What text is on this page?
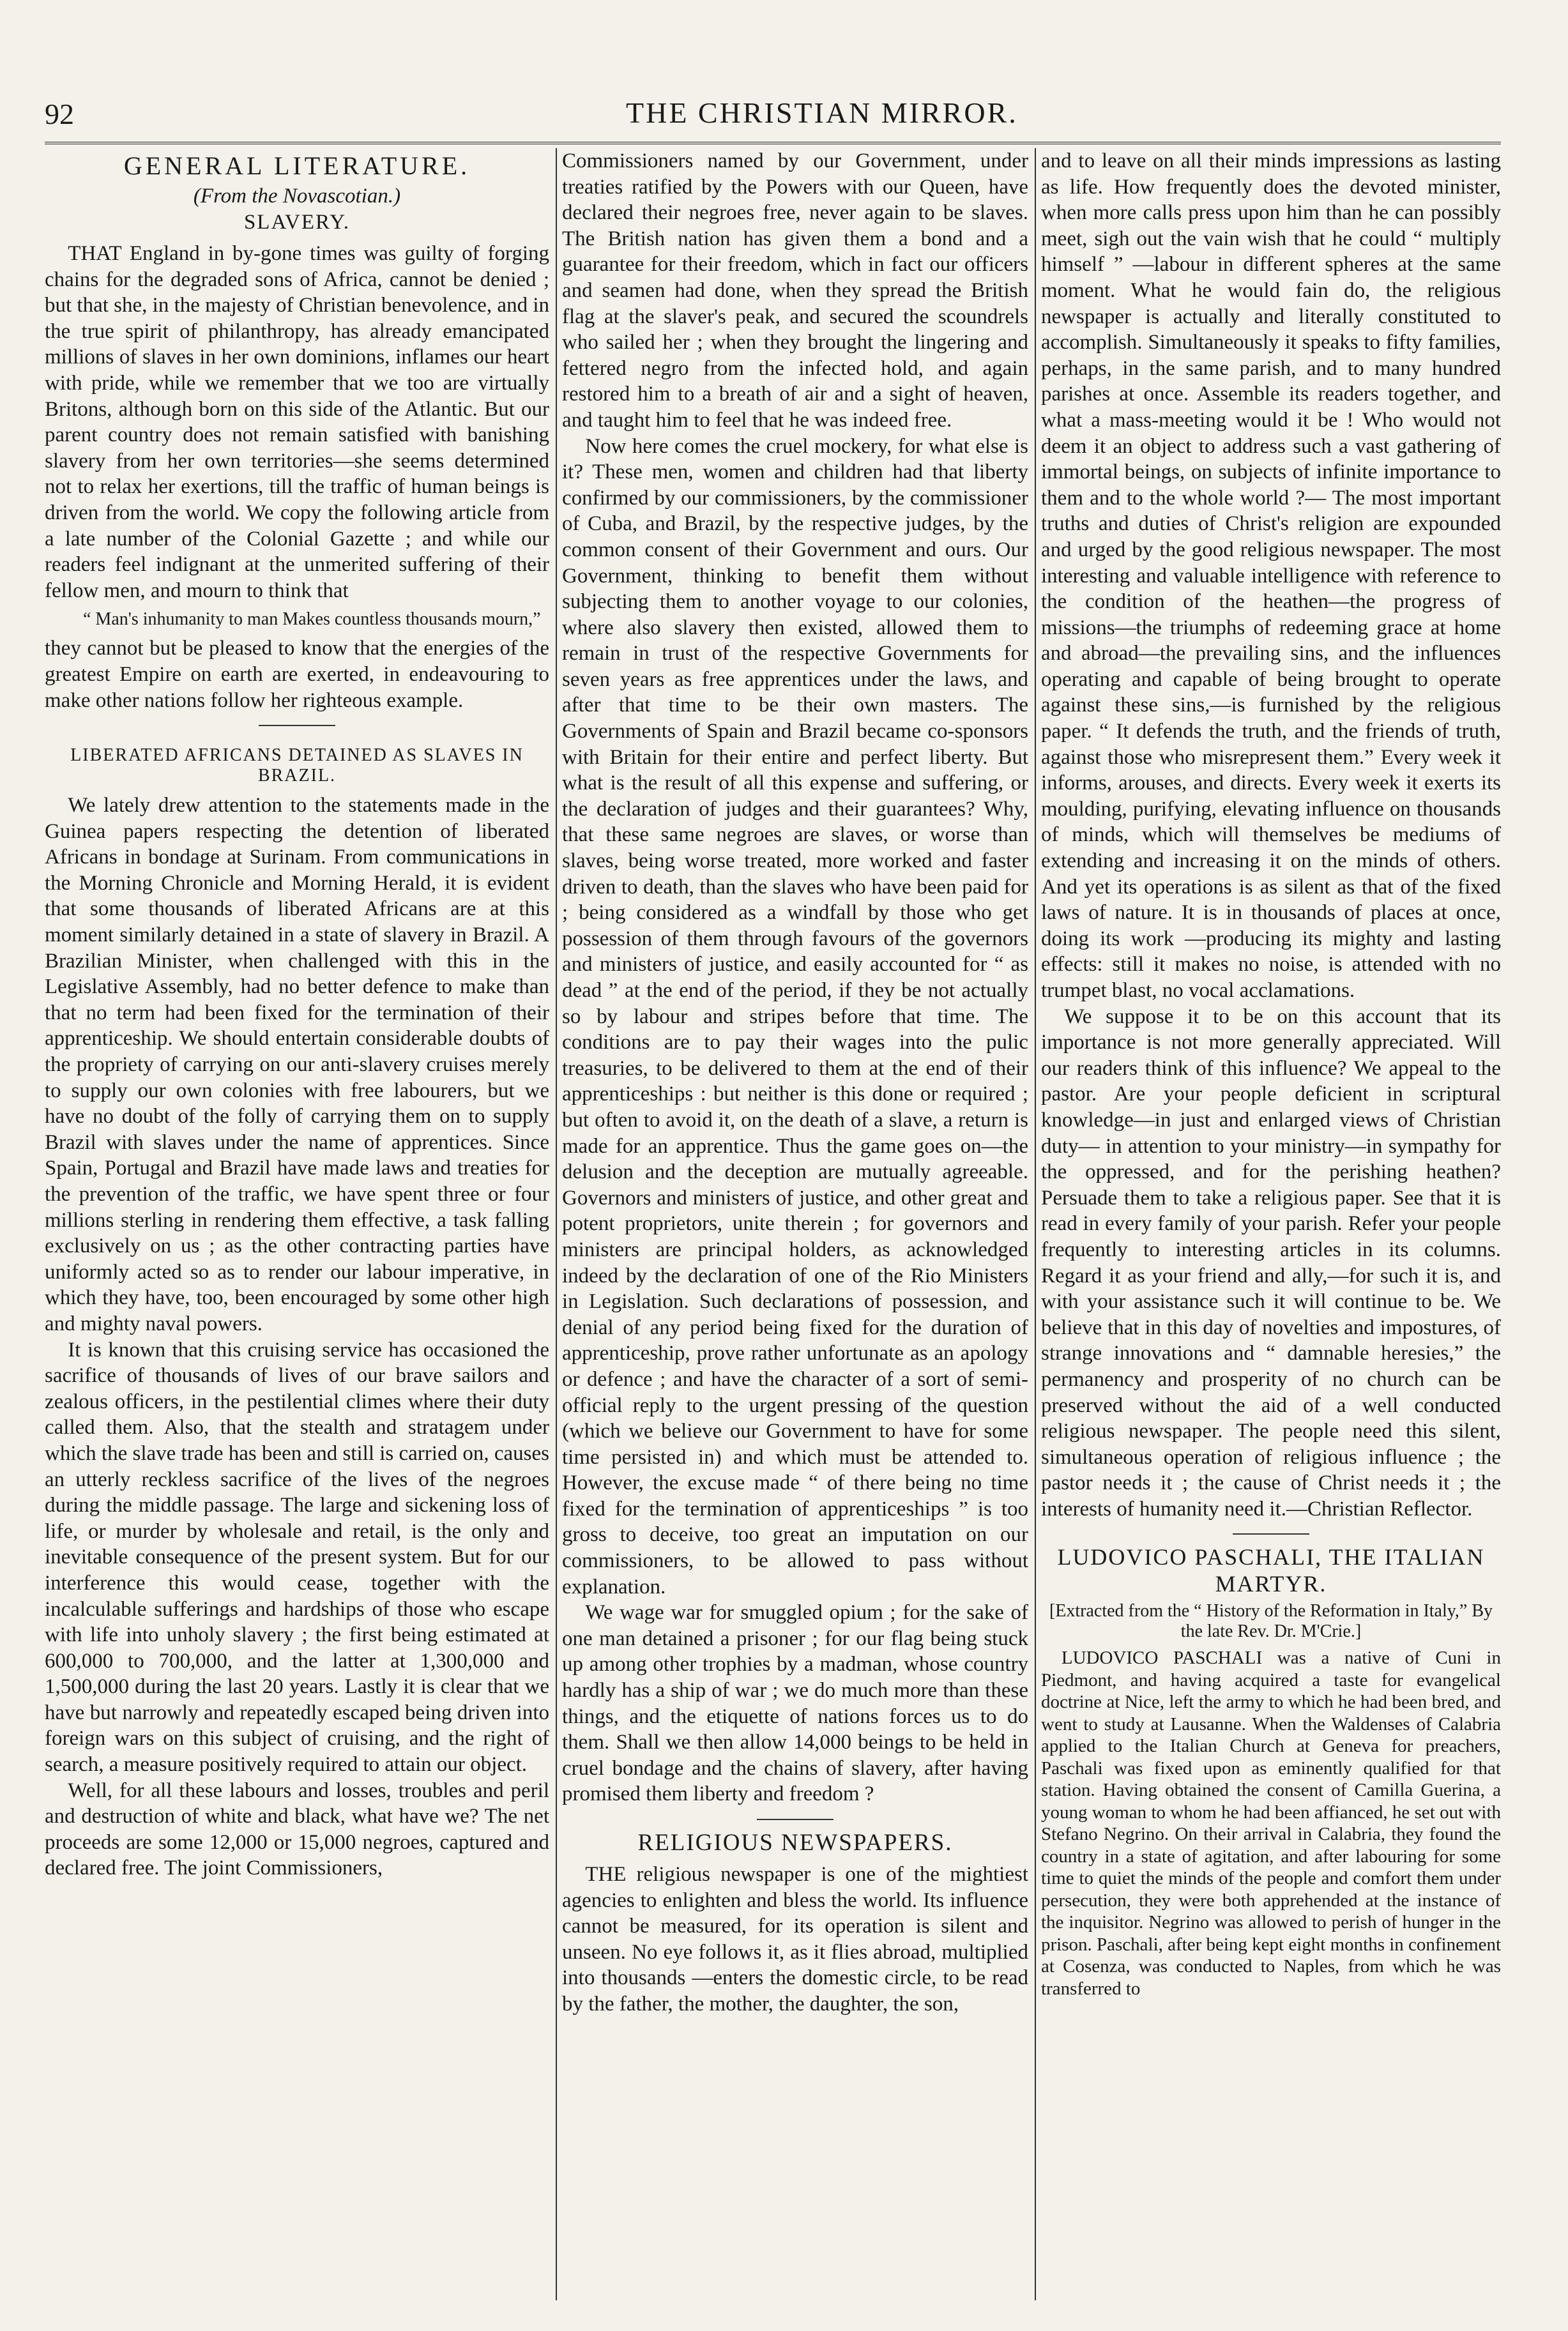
92	THE CHRISTIAN MIRROR.
GENERAL LITERATURE.
(From the Novascotian.)
SLAVERY.

THAT England in by-gone times was guilty of forging chains for the degraded sons of Africa, cannot be denied ; but that she, in the majesty of Christian benevolence, and in the true spirit of philanthropy, has already emancipated millions of slaves in her own dominions, inflames our heart with pride, while we remember that we too are virtually Britons, although born on this side of the Atlantic. But our parent country does not remain satisfied with banishing slavery from her own territories—she seems determined not to relax her exertions, till the traffic of human beings is driven from the world. We copy the following article from a late number of the Colonial Gazette ; and while our readers feel indignant at the unmerited suffering of their fellow men, and mourn to think that

“ Man's inhumanity to man Makes countless thousands mourn,”

they cannot but be pleased to know that the energies of the greatest Empire on earth are exerted, in endeavouring to make other nations follow her righteous example.

LIBERATED AFRICANS DETAINED AS SLAVES IN BRAZIL.

We lately drew attention to the statements made in the Guinea papers respecting the detention of liberated Africans in bondage at Surinam. From communications in the Morning Chronicle and Morning Herald, it is evident that some thousands of liberated Africans are at this moment similarly detained in a state of slavery in Brazil. A Brazilian Minister, when challenged with this in the Legislative Assembly, had no better defence to make than that no term had been fixed for the termination of their apprenticeship. We should entertain considerable doubts of the propriety of carrying on our anti-slavery cruises merely to supply our own colonies with free labourers, but we have no doubt of the folly of carrying them on to supply Brazil with slaves under the name of apprentices. Since Spain, Portugal and Brazil have made laws and treaties for the prevention of the traffic, we have spent three or four millions sterling in rendering them effective, a task falling exclusively on us ; as the other contracting parties have uniformly acted so as to render our labour imperative, in which they have, too, been encouraged by some other high and mighty naval powers.

It is known that this cruising service has occasioned the sacrifice of thousands of lives of our brave sailors and zealous officers, in the pestilential climes where their duty called them. Also, that the stealth and stratagem under which the slave trade has been and still is carried on, causes an utterly reckless sacrifice of the lives of the negroes during the middle passage. The large and sickening loss of life, or murder by wholesale and retail, is the only and inevitable consequence of the present system. But for our interference this would cease, together with the incalculable sufferings and hardships of those who escape with life into unholy slavery ; the first being estimated at 600,000 to 700,000, and the latter at 1,300,000 and 1,500,000 during the last 20 years. Lastly it is clear that we have but narrowly and repeatedly escaped being driven into foreign wars on this subject of cruising, and the right of search, a measure positively required to attain our object.

Well, for all these labours and losses, troubles and peril and destruction of white and black, what have we? The net proceeds are some 12,000 or 15,000 negroes, captured and declared free. The joint Commissioners,

Commissioners named by our Government, under treaties ratified by the Powers with our Queen, have declared their negroes free, never again to be slaves. The British nation has given them a bond and a guarantee for their freedom, which in fact our officers and seamen had done, when they spread the British flag at the slaver's peak, and secured the scoundrels who sailed her ; when they brought the lingering and fettered negro from the infected hold, and again restored him to a breath of air and a sight of heaven, and taught him to feel that he was indeed free.

Now here comes the cruel mockery, for what else is it? These men, women and children had that liberty confirmed by our commissioners, by the commissioner of Cuba, and Brazil, by the respective judges, by the common consent of their Government and ours. Our Government, thinking to benefit them without subjecting them to another voyage to our colonies, where also slavery then existed, allowed them to remain in trust of the respective Governments for seven years as free apprentices under the laws, and after that time to be their own masters. The Governments of Spain and Brazil became co-sponsors with Britain for their entire and perfect liberty. But what is the result of all this expense and suffering, or the declaration of judges and their guarantees? Why, that these same negroes are slaves, or worse than slaves, being worse treated, more worked and faster driven to death, than the slaves who have been paid for ; being considered as a windfall by those who get possession of them through favours of the governors and ministers of justice, and easily accounted for “ as dead ” at the end of the period, if they be not actually so by labour and stripes before that time. The conditions are to pay their wages into the pulic treasuries, to be delivered to them at the end of their apprenticeships : but neither is this done or required ; but often to avoid it, on the death of a slave, a return is made for an apprentice. Thus the game goes on—the delusion and the deception are mutually agreeable. Governors and ministers of justice, and other great and potent proprietors, unite therein ; for governors and ministers are principal holders, as acknowledged indeed by the declaration of one of the Rio Ministers in Legislation. Such declarations of possession, and denial of any period being fixed for the duration of apprenticeship, prove rather unfortunate as an apology or defence ; and have the character of a sort of semi-official reply to the urgent pressing of the question (which we believe our Government to have for some time persisted in) and which must be attended to. However, the excuse made “ of there being no time fixed for the termination of apprenticeships ” is too gross to deceive, too great an imputation on our commissioners, to be allowed to pass without explanation.

We wage war for smuggled opium ; for the sake of one man detained a prisoner ; for our flag being stuck up among other trophies by a madman, whose country hardly has a ship of war ; we do much more than these things, and the etiquette of nations forces us to do them. Shall we then allow 14,000 beings to be held in cruel bondage and the chains of slavery, after having promised them liberty and freedom ?

RELIGIOUS NEWSPAPERS.

THE religious newspaper is one of the mightiest agencies to enlighten and bless the world. Its influence cannot be measured, for its operation is silent and unseen. No eye follows it, as it flies abroad, multiplied into thousands —enters the domestic circle, to be read by the father, the mother, the daughter, the son,

and to leave on all their minds impressions as lasting as life. How frequently does the devoted minister, when more calls press upon him than he can possibly meet, sigh out the vain wish that he could “ multiply himself ” —labour in different spheres at the same moment. What he would fain do, the religious newspaper is actually and literally constituted to accomplish. Simultaneously it speaks to fifty families, perhaps, in the same parish, and to many hundred parishes at once. Assemble its readers together, and what a mass-meeting would it be ! Who would not deem it an object to address such a vast gathering of immortal beings, on subjects of infinite importance to them and to the whole world ?— The most important truths and duties of Christ's religion are expounded and urged by the good religious newspaper. The most interesting and valuable intelligence with reference to the condition of the heathen—the progress of missions—the triumphs of redeeming grace at home and abroad—the prevailing sins, and the influences operating and capable of being brought to operate against these sins,—is furnished by the religious paper. “ It defends the truth, and the friends of truth, against those who misrepresent them.” Every week it informs, arouses, and directs. Every week it exerts its moulding, purifying, elevating influence on thousands of minds, which will themselves be mediums of extending and increasing it on the minds of others. And yet its operations is as silent as that of the fixed laws of nature. It is in thousands of places at once, doing its work —producing its mighty and lasting effects: still it makes no noise, is attended with no trumpet blast, no vocal acclamations.

We suppose it to be on this account that its importance is not more generally appreciated. Will our readers think of this influence? We appeal to the pastor. Are your people deficient in scriptural knowledge—in just and enlarged views of Christian duty— in attention to your ministry—in sympathy for the oppressed, and for the perishing heathen? Persuade them to take a religious paper. See that it is read in every family of your parish. Refer your people frequently to interesting articles in its columns. Regard it as your friend and ally,—for such it is, and with your assistance such it will continue to be. We believe that in this day of novelties and impostures, of strange innovations and “ damnable heresies,” the permanency and prosperity of no church can be preserved without the aid of a well conducted religious newspaper. The people need this silent, simultaneous operation of religious influence ; the pastor needs it ; the cause of Christ needs it ; the interests of humanity need it.—Christian Reflector.

LUDOVICO PASCHALI, THE ITALIAN MARTYR.
[Extracted from the “ History of the Reformation in Italy,” By the late Rev. Dr. M'Crie.]

LUDOVICO PASCHALI was a native of Cuni in Piedmont, and having acquired a taste for evangelical doctrine at Nice, left the army to which he had been bred, and went to study at Lausanne. When the Waldenses of Calabria applied to the Italian Church at Geneva for preachers, Paschali was fixed upon as eminently qualified for that station. Having obtained the consent of Camilla Guerina, a young woman to whom he had been affianced, he set out with Stefano Negrino. On their arrival in Calabria, they found the country in a state of agitation, and after labouring for some time to quiet the minds of the people and comfort them under persecution, they were both apprehended at the instance of the inquisitor. Negrino was allowed to perish of hunger in the prison. Paschali, after being kept eight months in confinement at Cosenza, was conducted to Naples, from which he was transferred to
